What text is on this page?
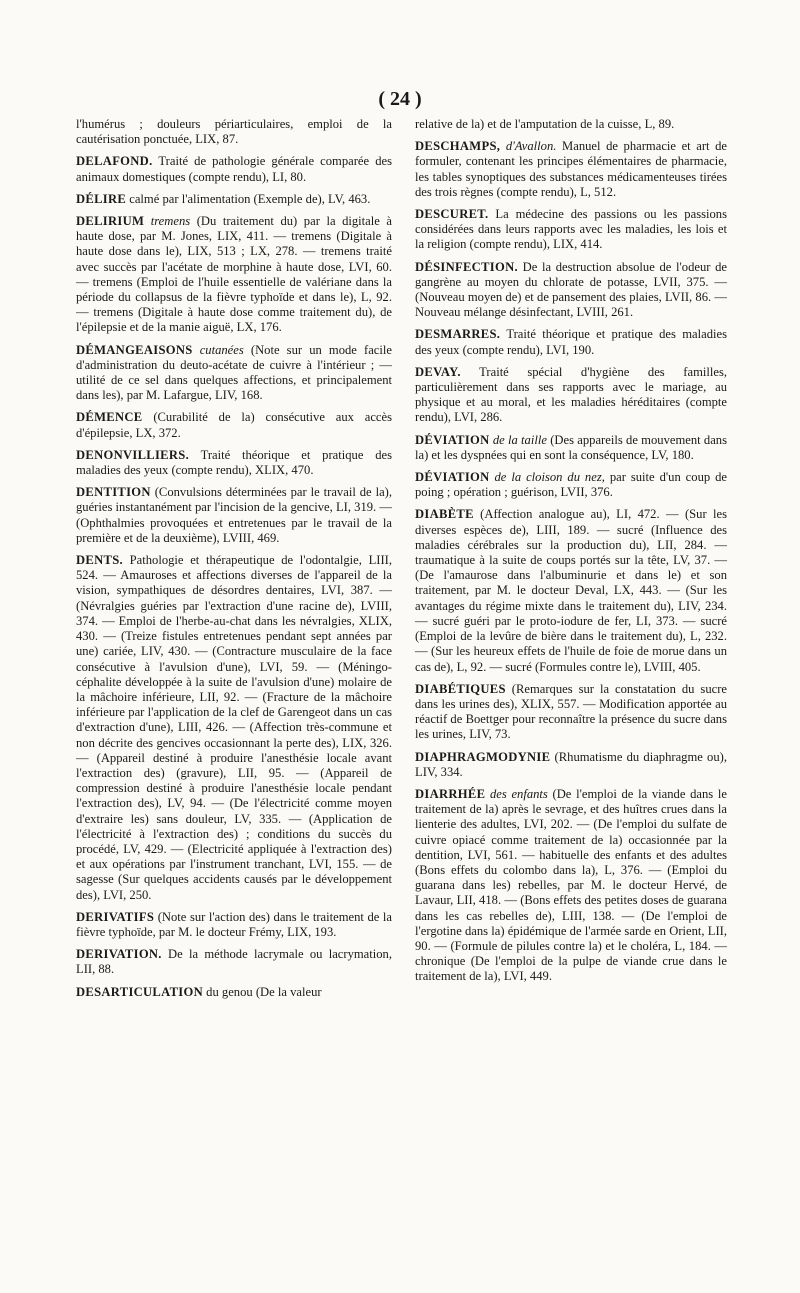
( 24 )

l'humérus ; douleurs périarticulaires, emploi de la cautérisation ponctuée, LIX, 87.

DELAFOND. Traité de pathologie générale comparée des animaux domestiques (compte rendu), LI, 80.

DÉLIRE calmé par l'alimentation (Exemple de), LV, 463.

DELIRIUM tremens (Du traitement du) par la digitale à haute dose, par M. Jones, LIX, 411. — tremens (Digitale à haute dose dans le), LIX, 513 ; LX, 278. — tremens traité avec succès par l'acétate de morphine à haute dose, LVI, 60. — tremens (Emploi de l'huile essentielle de valériane dans la période du collapsus de la fièvre typhoïde et dans le), L, 92. — tremens (Digitale à haute dose comme traitement du), de l'épilepsie et de la manie aiguë, LX, 176.

DÉMANGEAISONS cutanées (Note sur un mode facile d'administration du deuto-acétate de cuivre à l'intérieur ; — utilité de ce sel dans quelques affections, et principalement dans les), par M. Lafargue, LIV, 168.

DÉMENCE (Curabilité de la) consécutive aux accès d'épilepsie, LX, 372.

DENONVILLIERS. Traité théorique et pratique des maladies des yeux (compte rendu), XLIX, 470.

DENTITION (Convulsions déterminées par le travail de la), guéries instantanément par l'incision de la gencive, LI, 319. — (Ophthalmies provoquées et entretenues par le travail de la première et de la deuxième), LVIII, 469.

DENTS. Pathologie et thérapeutique de l'odontalgie, LIII, 524. — Amauroses et affections diverses de l'appareil de la vision, sympathiques de désordres dentaires, LVI, 387. — (Névralgies guéries par l'extraction d'une racine de), LVIII, 374. — Emploi de l'herbe-au-chat dans les névralgies, XLIX, 430. — (Treize fistules entretenues pendant sept années par une) cariée, LIV, 430. — (Contracture musculaire de la face consécutive à l'avulsion d'une), LVI, 59. — (Méningo-céphalite développée à la suite de l'avulsion d'une) molaire de la mâchoire inférieure, LII, 92. — (Fracture de la mâchoire inférieure par l'application de la clef de Garengeot dans un cas d'extraction d'une), LIII, 426. — (Affection très-commune et non décrite des gencives occasionnant la perte des), LIX, 326. — (Appareil destiné à produire l'anesthésie locale avant l'extraction des) (gravure), LII, 95. — (Appareil de compression destiné à produire l'anesthésie locale pendant l'extraction des), LV, 94. — (De l'électricité comme moyen d'extraire les) sans douleur, LV, 335. — (Application de l'électricité à l'extraction des) ; conditions du succès du procédé, LV, 429. — (Electricité appliquée à l'extraction des) et aux opérations par l'instrument tranchant, LVI, 155. — de sagesse (Sur quelques accidents causés par le développement des), LVI, 250.

DERIVATIFS (Note sur l'action des) dans le traitement de la fièvre typhoïde, par M. le docteur Frémy, LIX, 193.

DERIVATION. De la méthode lacrymale ou lacrymation, LII, 88.

DESARTICULATION du genou (De la valeur

relative de la) et de l'amputation de la cuisse, L, 89.

DESCHAMPS, d'Avallon. Manuel de pharmacie et art de formuler, contenant les principes élémentaires de pharmacie, les tables synoptiques des substances médicamenteuses tirées des trois règnes (compte rendu), L, 512.

DESCURET. La médecine des passions ou les passions considérées dans leurs rapports avec les maladies, les lois et la religion (compte rendu), LIX, 414.

DÉSINFECTION. De la destruction absolue de l'odeur de gangrène au moyen du chlorate de potasse, LVII, 375. — (Nouveau moyen de) et de pansement des plaies, LVII, 86. — Nouveau mélange désinfectant, LVIII, 261.

DESMARRES. Traité théorique et pratique des maladies des yeux (compte rendu), LVI, 190.

DEVAY. Traité spécial d'hygiène des familles, particulièrement dans ses rapports avec le mariage, au physique et au moral, et les maladies héréditaires (compte rendu), LVI, 286.

DÉVIATION de la taille (Des appareils de mouvement dans la) et les dyspnées qui en sont la conséquence, LV, 180.

DÉVIATION de la cloison du nez, par suite d'un coup de poing ; opération ; guérison, LVII, 376.

DIABÈTE (Affection analogue au), LI, 472. — (Sur les diverses espèces de), LIII, 189. — sucré (Influence des maladies cérébrales sur la production du), LII, 284. — traumatique à la suite de coups portés sur la tête, LV, 37. — (De l'amaurose dans l'albuminurie et dans le) et son traitement, par M. le docteur Deval, LX, 443. — (Sur les avantages du régime mixte dans le traitement du), LIV, 234. — sucré guéri par le proto-iodure de fer, LI, 373. — sucré (Emploi de la levûre de bière dans le traitement du), L, 232. — (Sur les heureux effets de l'huile de foie de morue dans un cas de), L, 92. — sucré (Formules contre le), LVIII, 405.

DIABÉTIQUES (Remarques sur la constatation du sucre dans les urines des), XLIX, 557. — Modification apportée au réactif de Boettger pour reconnaître la présence du sucre dans les urines, LIV, 73.

DIAPHRAGMODYNIE (Rhumatisme du diaphragme ou), LIV, 334.

DIARRHÉE des enfants (De l'emploi de la viande dans le traitement de la) après le sevrage, et des huîtres crues dans la lienterie des adultes, LVI, 202. — (De l'emploi du sulfate de cuivre opiacé comme traitement de la) occasionnée par la dentition, LVI, 561. — habituelle des enfants et des adultes (Bons effets du colombo dans la), L, 376. — (Emploi du guarana dans les) rebelles, par M. le docteur Hervé, de Lavaur, LII, 418. — (Bons effets des petites doses de guarana dans les cas rebelles de), LIII, 138. — (De l'emploi de l'ergotine dans la) épidémique de l'armée sarde en Orient, LII, 90. — (Formule de pilules contre la) et le choléra, L, 184. — chronique (De l'emploi de la pulpe de viande crue dans le traitement de la), LVI, 449.
